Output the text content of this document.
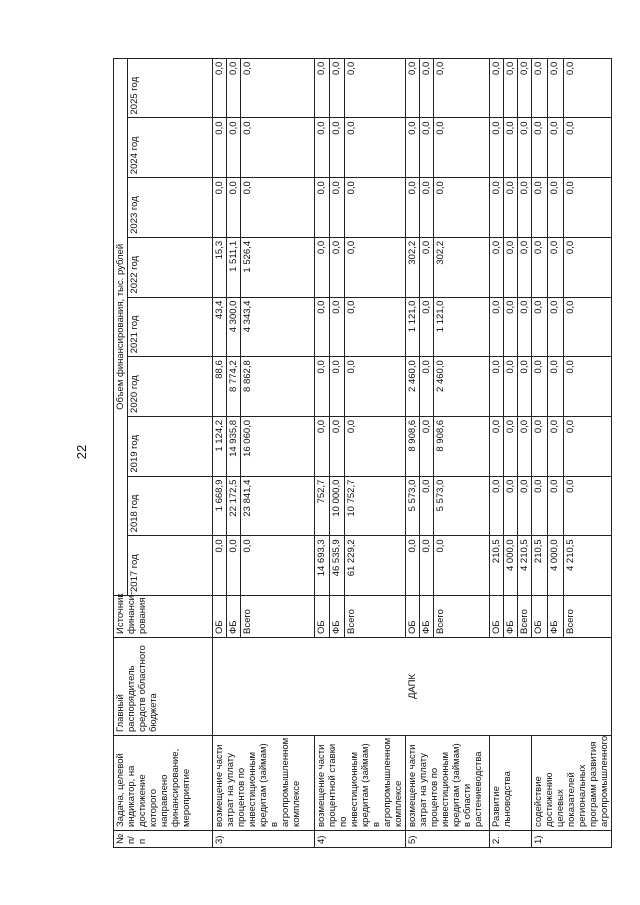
22
№ п/п	Задача, целевой индикатор, на достижение которого направлено финансирование, мероприятие	Главный распорядитель средств областного бюджета	Источник финанси-рования	Объем финансирования, тыс. рублей								
				2017 год	2018 год	2019 год	2020 год	2021 год	2022 год	2023 год	2024 год	2025 год
3)	возмещение части затрат на уплату процентов по инвестиционным кредитам (займам) в агропромышленном комплексе	ДАПК	ОБ	0,0	1 668,9	1 124,2	88,6	43,4	15,3	0,0	0,0	0,0
			ФБ	0,0	22 172,5	14 935,8	8 774,2	4 300,0	1 511,1	0,0	0,0	0,0
			Всего	0,0	23 841,4	16 060,0	8 862,8	4 343,4	1 526,4	0,0	0,0	0,0
4)	возмещение части процентной ставки по инвестиционным кредитам (займам) в агропромышленном комплексе		ОБ	14 693,3	752,7	0,0	0,0	0,0	0,0	0,0	0,0	0,0
			ФБ	46 535,9	10 000,0	0,0	0,0	0,0	0,0	0,0	0,0	0,0
			Всего	61 229,2	10 752,7	0,0	0,0	0,0	0,0	0,0	0,0	0,0
5)	возмещение части затрат на уплату процентов по инвестиционным кредитам (займам) в области растениеводства		ОБ	0,0	5 573,0	8 908,6	2 460,0	1 121,0	302,2	0,0	0,0	0,0
			ФБ	0,0	0,0	0,0	0,0	0,0	0,0	0,0	0,0	0,0
			Всего	0,0	5 573,0	8 908,6	2 460,0	1 121,0	302,2	0,0	0,0	0,0
2.	Развитие льноводства		ОБ	210,5	0,0	0,0	0,0	0,0	0,0	0,0	0,0	0,0
			ФБ	4 000,0	0,0	0,0	0,0	0,0	0,0	0,0	0,0	0,0
			Всего	4 210,5	0,0	0,0	0,0	0,0	0,0	0,0	0,0	0,0
1)	содействие достижению целевых показателей региональных программ развития агропромышленного		ОБ	210,5	0,0	0,0	0,0	0,0	0,0	0,0	0,0	0,0
			ФБ	4 000,0	0,0	0,0	0,0	0,0	0,0	0,0	0,0	0,0
			Всего	4 210,5	0,0	0,0	0,0	0,0	0,0	0,0	0,0	0,0
